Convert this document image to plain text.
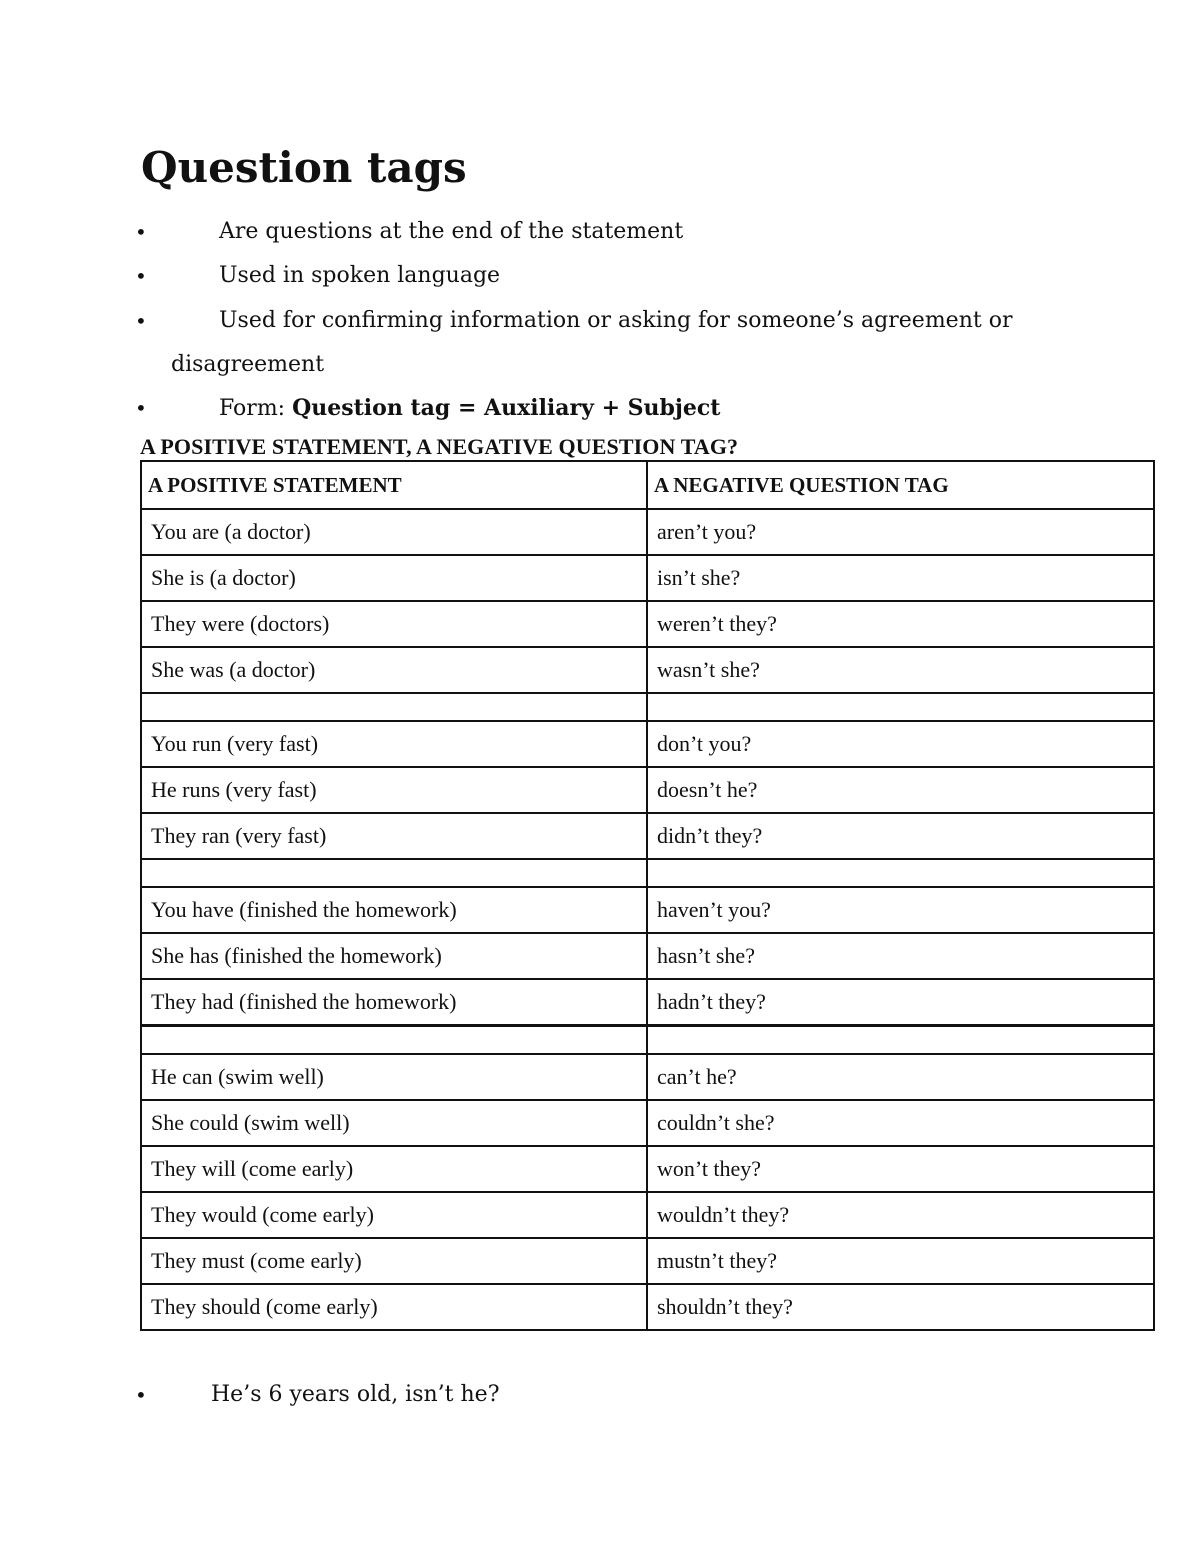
Question tags
•	Are questions at the end of the statement
•	Used in spoken language
•	Used for confirming information or asking for someone’s agreement or
disagreement
•	Form: Question tag = Auxiliary + Subject
A POSITIVE STATEMENT, A NEGATIVE QUESTION TAG?
A POSITIVE STATEMENT	A NEGATIVE QUESTION TAG
You are (a doctor)	aren’t you?
She is (a doctor)	isn’t she?
They were (doctors)	weren’t they?
She was (a doctor)	wasn’t she?

You run (very fast)	don’t you?
He runs (very fast)	doesn’t he?
They ran (very fast)	didn’t they?

You have (finished the homework)	haven’t you?
She has (finished the homework)	hasn’t she?
They had (finished the homework)	hadn’t they?

He can (swim well)	can’t he?
She could (swim well)	couldn’t she?
They will (come early)	won’t they?
They would (come early)	wouldn’t they?
They must (come early)	mustn’t they?
They should (come early)	shouldn’t they?
•	He’s 6 years old, isn’t he?
